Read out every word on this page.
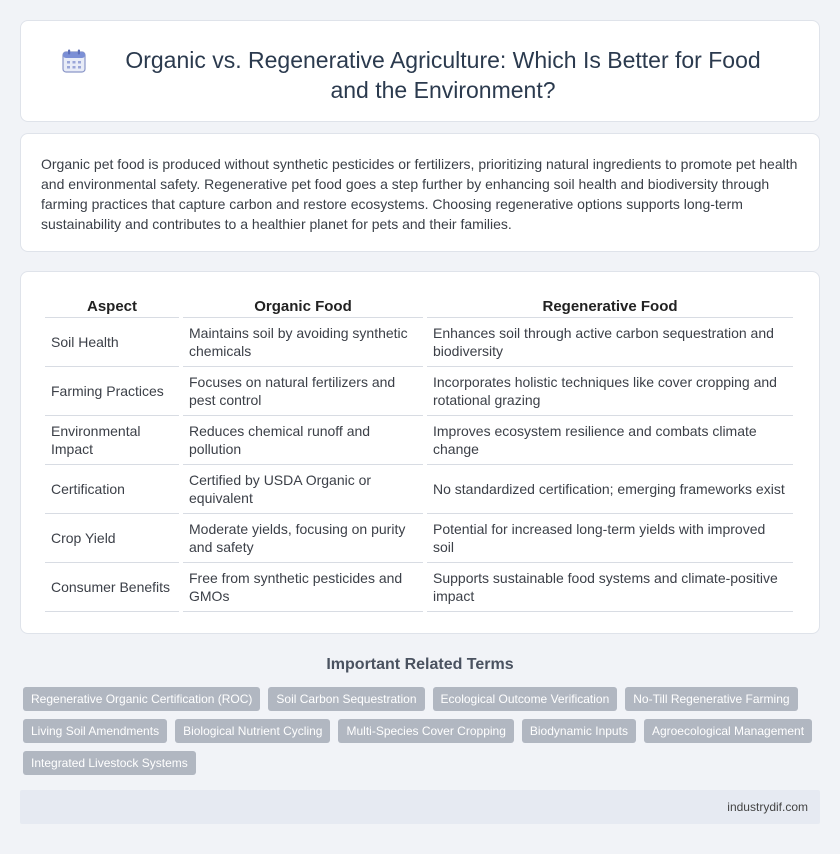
Organic vs. Regenerative Agriculture: Which Is Better for Food and the Environment?

Organic pet food is produced without synthetic pesticides or fertilizers, prioritizing natural ingredients to promote pet health and environmental safety. Regenerative pet food goes a step further by enhancing soil health and biodiversity through farming practices that capture carbon and restore ecosystems. Choosing regenerative options supports long-term sustainability and contributes to a healthier planet for pets and their families.

Aspect	Organic Food	Regenerative Food
Soil Health	Maintains soil by avoiding synthetic chemicals	Enhances soil through active carbon sequestration and biodiversity
Farming Practices	Focuses on natural fertilizers and pest control	Incorporates holistic techniques like cover cropping and rotational grazing
Environmental Impact	Reduces chemical runoff and pollution	Improves ecosystem resilience and combats climate change
Certification	Certified by USDA Organic or equivalent	No standardized certification; emerging frameworks exist
Crop Yield	Moderate yields, focusing on purity and safety	Potential for increased long-term yields with improved soil
Consumer Benefits	Free from synthetic pesticides and GMOs	Supports sustainable food systems and climate-positive impact
Important Related Terms
Regenerative Organic Certification (ROC)	Soil Carbon Sequestration	Ecological Outcome Verification	No-Till Regenerative Farming
Living Soil Amendments	Biological Nutrient Cycling	Multi-Species Cover Cropping	Biodynamic Inputs	Agroecological Management
Integrated Livestock Systems
industrydif.com
